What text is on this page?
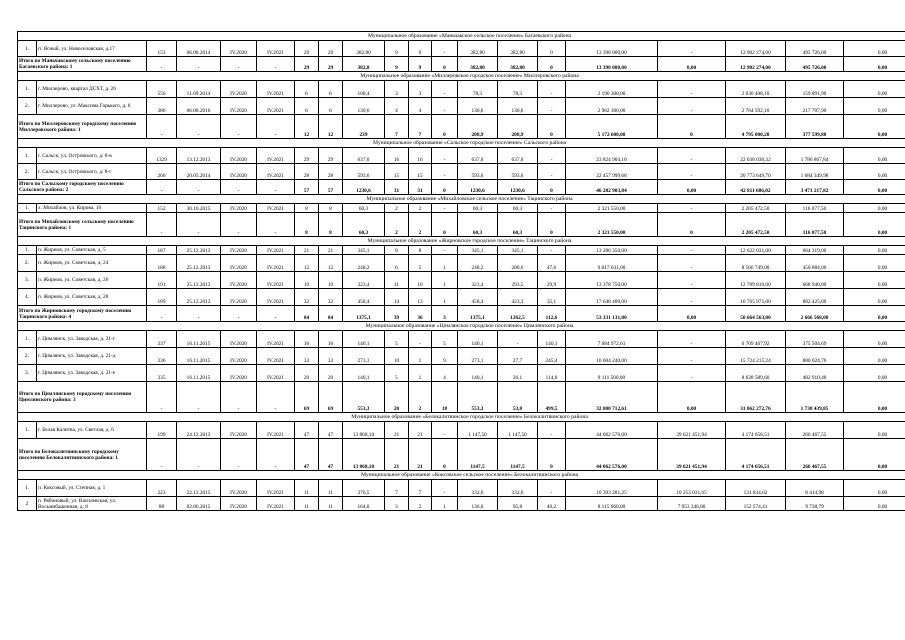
Муниципальное образование «Маньчакское сельское поселение» Багаевского района																			
1.	п. Ясный, ул. Новоселовская, д.17	153	06.08.2014	IV.2020	IV.2021	29	29	382,80	9	9	-	382,80	382,80	0	13 398 000,00	-	12 902 274,00	495 726,00	0,00
Итого по Маньчакскому сельскому поселению Багаевского района: 1		-	-	-	-	29	29	382,8	9	9	0	382,80	382,80	0	13 398 000,00	0,00	12 902 274,00	495 726,00	0,00
Муниципальное образование «Миллеровское городское поселение» Миллеровского района																			
1.	г. Миллерово, квартал ДСХТ, д. 26	556	11.09.2014	IV.2020	IV.2021	6	6	108,4	3	3	-	78,3	78,3	-	2 190 300,00	-	2 030 408,10	159 891,90	0,00
2.	г. Миллерово, ул. Максима Горького, д. 6	386	06.08.2016	IV.2020	IV.2021	6	6	130,6	4	4	-	130,6	130,6	-	2 982 300,00	-	2 764 592,10	217 707,90	0,00
Итого по Миллеровскому городскому поселению Миллеровского района: 1		-	-	-	-	12	12	239	7	7	0	208,9	208,9	0	5 172 600,00	0	4 795 000,20	377 599,80	0,00
Муниципальное образование «Сальское городское поселение» Сальского района																			
1.	г. Сальск, ул. Островского, д. 8-в	1329	13.12.2013	IV.2020	IV.2021	29	29	637,0	16	16	-	637,0	637,0	-	23 824 904,16	-	22 038 036,32	1 786 867,84	0,00
2.	г. Сальск, ул. Островского, д. 8-г	266	20.05.2014	IV.2020	IV.2021	28	28	593,6	15	15	-	593,6	593,6	-	22 457 999,68	-	20 773 649,70	1 684 349,98	0,00
Итого по Сальскому городскому поселению Сальского района: 2		-	-	-	-	57	57	1230,6	31	31	0	1230,6	1230,6	0	46 282 903,84	0,00	42 811 686,02	3 471 217,82	0,00
Муниципальное образование «Михайловское сельское поселение» Тацинского района																			
1.	х. Михайлов, ул. Кирова, 10	152	30.10.2015	IV.2020	IV.2021	8	8	60,3	2	2	-	60,3	60,3	-	2 321 550,00	-	2 205 472,50	116 077,50	0,00
Итого по Михайловскому сельскому поселению Тацинского района: 1		-	-	-	-	8	8	60,3	2	2	0	60,3	60,3	0	2 321 550,00	0	2 205 472,50	116 077,50	0,00
Муниципальное образование «Жирновское городское поселение» Тацинского района																			
1.	п. Жирнов, ул. Советская, д. 5	187	25.12.2013	IV.2020	IV.2021	21	21	345,1	8	8	-	345,1	345,1	-	13 286 350,00	-	12 622 031,00	664 319,00	0,00
2.	п. Жирнов, ул. Советская, д. 24	188	25.12.2013	IV.2020	IV.2021	12	12	248,2	6	5	1	248,2	200,6	47,6	9 017 631,00	-	8 566 749,00	450 884,00	0,00
3.	п. Жирнов, ул. Советская, д. 26	191	25.12.2013	IV.2020	IV.2021	19	19	323,4	11	10	1	323,4	293,5	29,9	13 378 750,00	-	12 709 810,00	668 940,00	0,00
4.	п. Жирнов, ул. Советская, д. 28	189	25.12.2013	IV.2020	IV.2021	32	32	458,4	14	13	1	458,4	423,3	35,1	17 648 400,00	-	16 765 975,00	882 425,00	0,00
Итого по Жирновскому городскому поселению Тацинского района: 4		-	-	-	-	84	84	1375,1	39	36	3	1375,1	1262,5	112,6	53 331 131,00	0,00	50 664 563,00	2 666 568,00	0,00
Муниципальное образование «Цимлянское городское поселение» Цимлянского района																			
1.	г. Цимлянск, ул. Заводская, д. 21-г	337	16.11.2015	IV.2020	IV.2021	16	16	140,1	5	-	5	140,1	-	140,1	7 084 972,61	-	6 709 467,92	375 504,69	0,00
2.	г. Цимлянск, ул. Заводская, д. 21-д	336	16.11.2015	IV.2020	IV.2021	33	33	273,1	10	1	9	273,1	27,7	245,4	16 604 240,00	-	15 724 215,24	880 024,76	0,00
3.	г. Цимлянск, ул. Заводская, д. 21-е	335	16.11.2015	IV.2020	IV.2021	20	20	140,1	5	1	4	140,1	26,1	114,0	9 111 500,00	-	8 628 589,60	482 910,40	0,00
Итого по Цимлянскому городскому поселению Цимлянского района: 3		-	-	-	-	69	69	553,3	20	2	18	553,3	53,8	499,5	32 800 712,61	0,00	31 062 272,76	1 738 439,85	0,00
Муниципальное образование «Белокалитвинское городское поселение» Белокалитвинского района																			
1.	г. Белая Калитва, ул. Светлая, д. 6	199	24.12.2013	IV.2020	IV.2021	47	47	13 868,10	21	21	-	1 147,50	1 147,50	-	44 062 576,00	39 621 451,94	4 174 656,51	266 467,55	0,00
Итого по Белокалитвинскому городскому поселению Белокалитвинского района: 1		-	-	-	-	47	47	13 868,10	21	21	0	1147,5	1147,5	0	44 062 576,00	39 621 451,94	4 174 656,51	266 467,55	0,00
Муниципальное образование «Коксовское сельское поселение» Белокалитвинского района																			
1.	п. Коксовый, ул. Степная, д. 1	223	22.12.2015	IV.2020	IV.2021	11	11	376,5	7	7	-	332,6	332,6	-	10 393 281,25	10 253 031,65	131 834,62	8 414,98	0,00
2	п. Рябиновый, ул. Василевская, ул. Восьмибашенная, д. 8	88	02.06.2015	IV.2020	IV.2021	11	11	164,0	3	2	1	136,0	95,8	40,2	8 115 660,00	7 953 346,80	152 574,41	9 738,79	0,00
